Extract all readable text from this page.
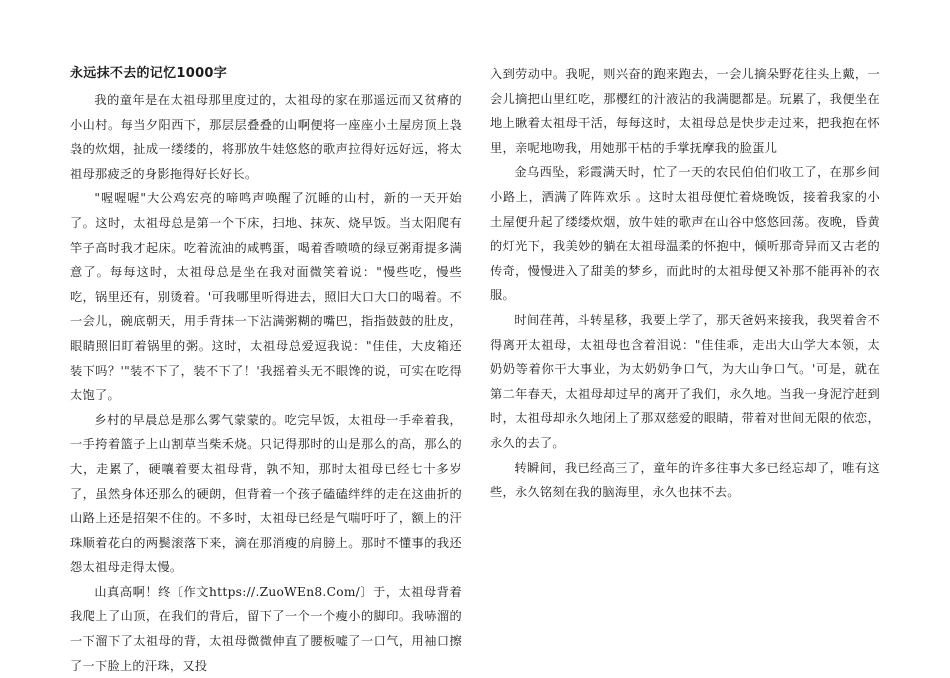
永远抹不去的记忆1000字

我的童年是在太祖母那里度过的，太祖母的家在那遥远而又贫瘠的小山村。每当夕阳西下，那层层叠叠的山啊便将一座座小土屋房顶上袅袅的炊烟，扯成一缕缕的，将那放牛娃悠悠的歌声拉得好远好远，将太祖母那疲乏的身影拖得好长好长。

"喔喔喔"大公鸡宏亮的啼鸣声唤醒了沉睡的山村，新的一天开始了。这时，太祖母总是第一个下床，扫地、抹灰、烧早饭。当太阳爬有竿子高时我才起床。吃着流油的咸鸭蛋，喝着香喷喷的绿豆粥甭提多满意了。每每这时，太祖母总是坐在我对面微笑着说："慢些吃，慢些吃，锅里还有，别烫着。'可我哪里听得进去，照旧大口大口的喝着。不一会儿，碗底朝天，用手背抹一下沾满粥糊的嘴巴，指指鼓鼓的肚皮，眼睛照旧盯着锅里的粥。这时，太祖母总爱逗我说："佳佳，大皮箱还装下吗？'"装不下了，装不下了！'我摇着头无不眼馋的说，可实在吃得太饱了。

乡村的早晨总是那么雾气蒙蒙的。吃完早饭，太祖母一手牵着我，一手挎着篮子上山割草当柴禾烧。只记得那时的山是那么的高，那么的大，走累了，硬嚷着要太祖母背，孰不知，那时太祖母已经七十多岁了，虽然身体还那么的硬朗，但背着一个孩子磕磕绊绊的走在这曲折的山路上还是招架不住的。不多时，太祖母已经是气喘吁吁了，额上的汗珠顺着花白的两鬓滚落下来，滴在那消瘦的肩膀上。那时不懂事的我还怨太祖母走得太慢。

山真高啊！终〔作文https://.ZuoWEn8.Com/〕于，太祖母背着我爬上了山顶，在我们的背后，留下了一个一个瘦小的脚印。我哧溜的一下溜下了太祖母的背，太祖母微微伸直了腰板嘘了一口气，用袖口擦了一下脸上的汗珠，又投

入到劳动中。我呢，则兴奋的跑来跑去，一会儿摘朵野花往头上戴，一会儿摘把山里红吃，那樱红的汁液沾的我满腮都是。玩累了，我便坐在地上瞅着太祖母干活，每每这时，太祖母总是快步走过来，把我抱在怀里，亲呢地吻我，用她那干枯的手掌抚摩我的脸蛋儿

金乌西坠，彩霞满天时，忙了一天的农民伯伯们收工了，在那乡间小路上，洒满了阵阵欢乐 。这时太祖母便忙着烧晚饭，接着我家的小土屋便升起了缕缕炊烟，放牛娃的歌声在山谷中悠悠回荡。夜晚，昏黄的灯光下，我美妙的躺在太祖母温柔的怀抱中，倾听那奇异而又古老的传奇，慢慢进入了甜美的梦乡，而此时的太祖母便又补那不能再补的衣服。

时间荏苒，斗转星移，我要上学了，那天爸妈来接我，我哭着舍不得离开太祖母，太祖母也含着泪说："佳佳乖，走出大山学大本领，太奶奶等着你干大事业，为太奶奶争口气，为大山争口气。'可是，就在第二年春天，太祖母却过早的离开了我们，永久地。当我一身泥泞赶到时，太祖母却永久地闭上了那双慈爱的眼睛，带着对世间无限的依恋，永久的去了。

转瞬间，我已经高三了，童年的许多往事大多已经忘却了，唯有这些，永久铭刻在我的脑海里，永久也抹不去。
